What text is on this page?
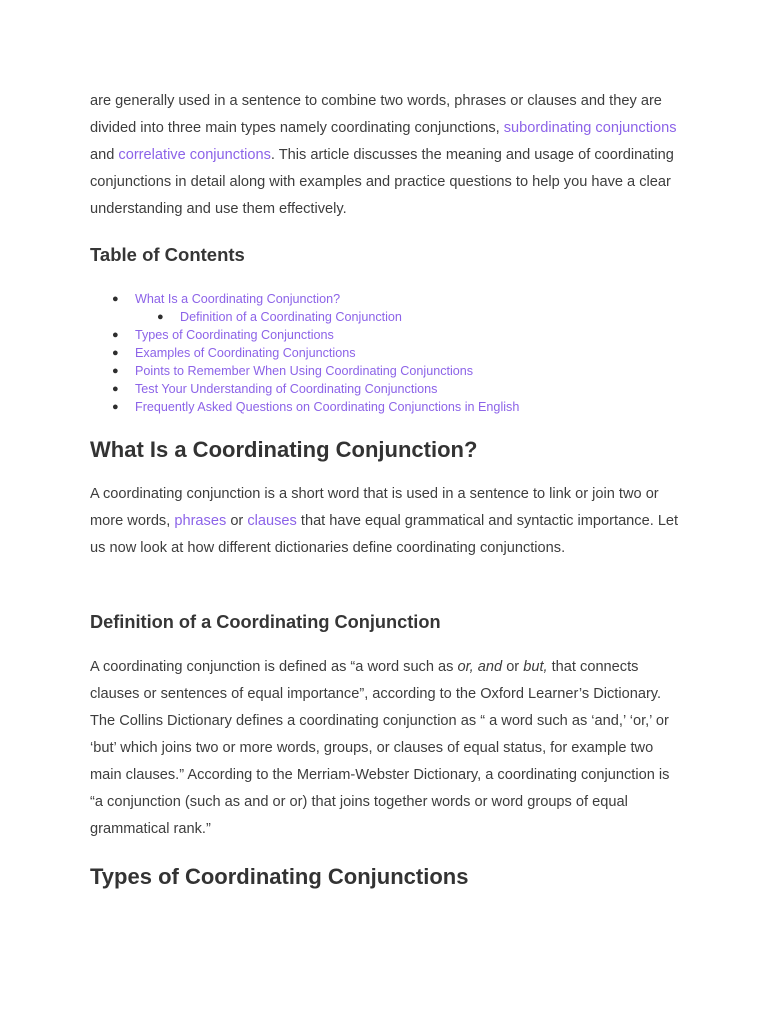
are generally used in a sentence to combine two words, phrases or clauses and they are divided into three main types namely coordinating conjunctions, subordinating conjunctions and correlative conjunctions. This article discusses the meaning and usage of coordinating conjunctions in detail along with examples and practice questions to help you have a clear understanding and use them effectively.

Table of Contents
● What Is a Coordinating Conjunction?
● Definition of a Coordinating Conjunction
● Types of Coordinating Conjunctions
● Examples of Coordinating Conjunctions
● Points to Remember When Using Coordinating Conjunctions
● Test Your Understanding of Coordinating Conjunctions
● Frequently Asked Questions on Coordinating Conjunctions in English
What Is a Coordinating Conjunction?

A coordinating conjunction is a short word that is used in a sentence to link or join two or more words, phrases or clauses that have equal grammatical and syntactic importance. Let us now look at how different dictionaries define coordinating conjunctions.

Definition of a Coordinating Conjunction

A coordinating conjunction is defined as “a word such as or, and or but, that connects clauses or sentences of equal importance”, according to the Oxford Learner’s Dictionary. The Collins Dictionary defines a coordinating conjunction as “ a word such as ‘and,’ ‘or,’ or ‘but’ which joins two or more words, groups, or clauses of equal status, for example two main clauses.” According to the Merriam-Webster Dictionary, a coordinating conjunction is “a conjunction (such as and or or) that joins together words or word groups of equal grammatical rank.”

Types of Coordinating Conjunctions
